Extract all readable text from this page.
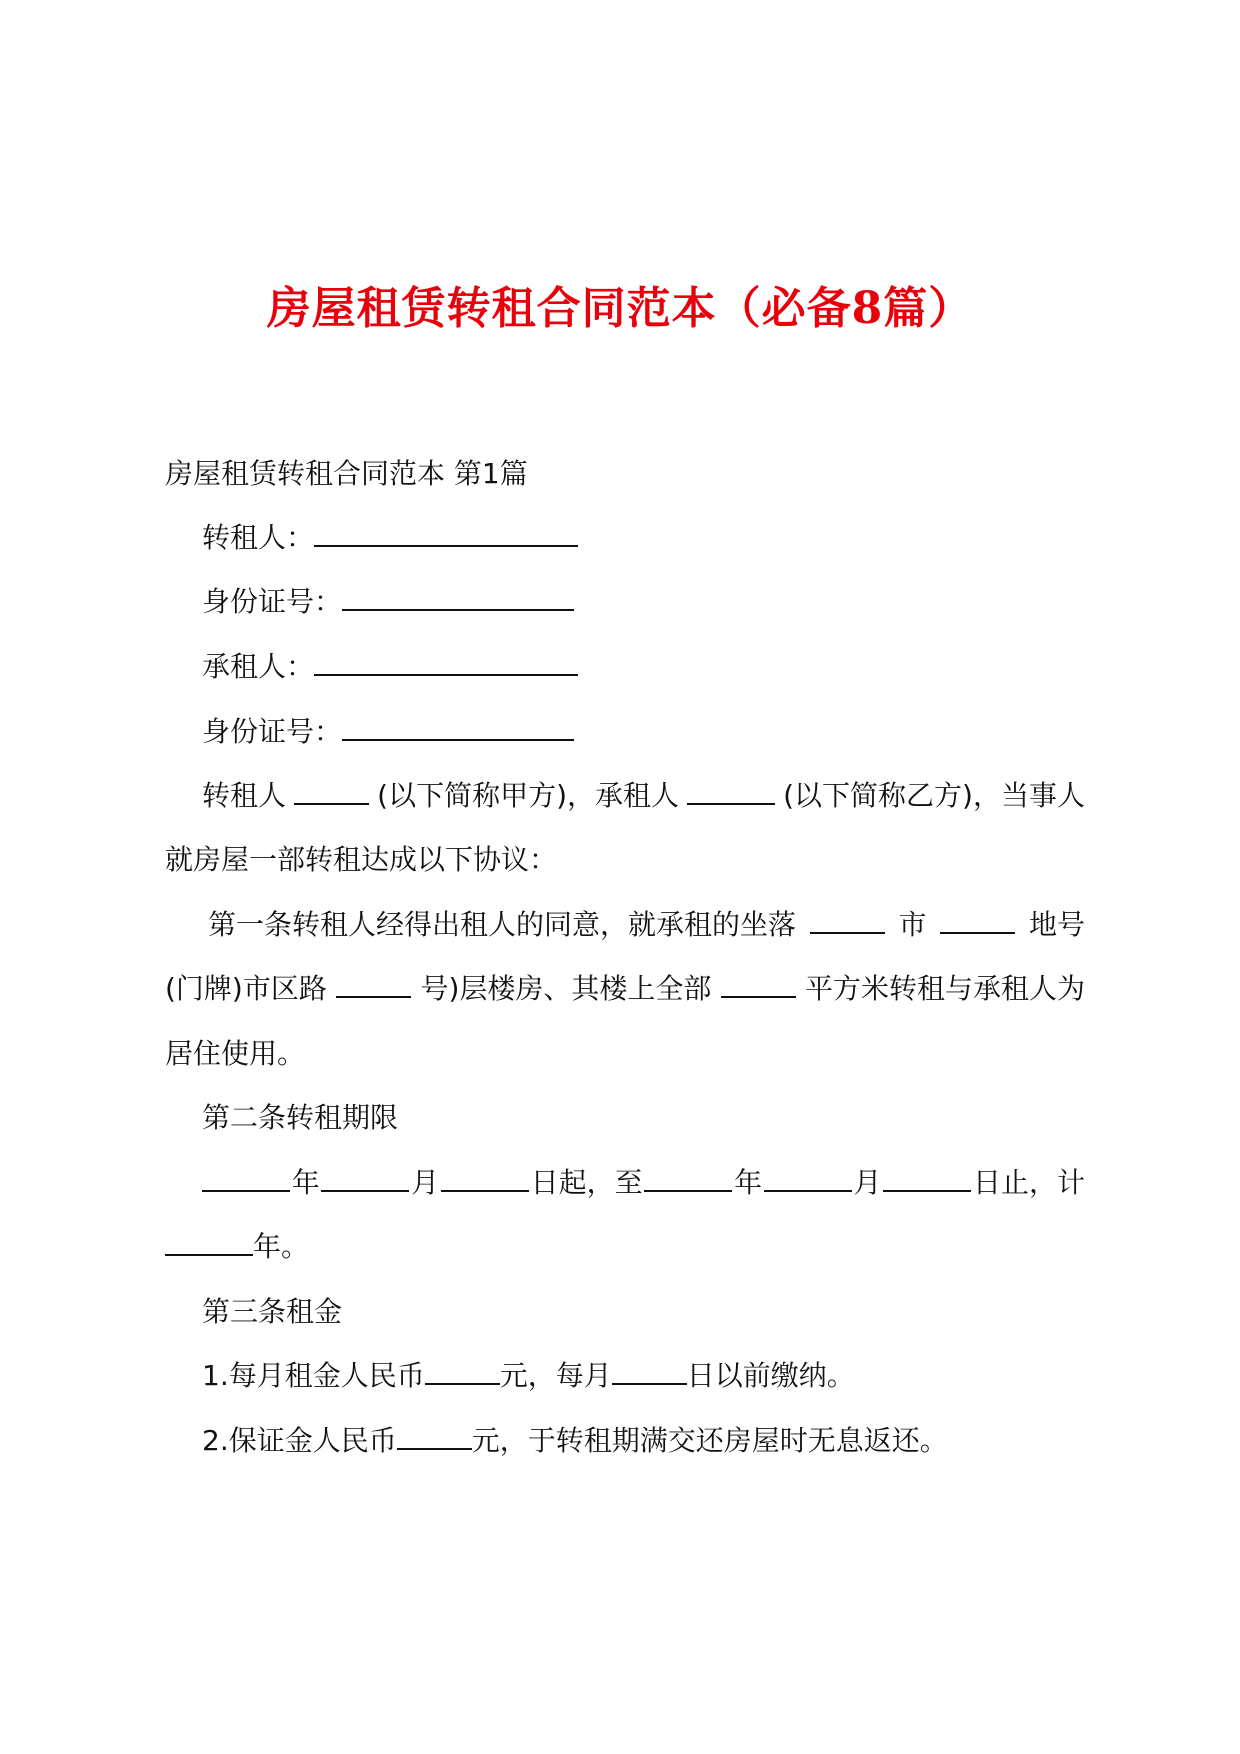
房屋租赁转租合同范本（必备8篇）
房屋租赁转租合同范本 第1篇
转租人：
身份证号：
承租人：
身份证号：
转租人	(以下简称甲方)，承租人	(以下简称乙方)，当事人
就房屋一部转租达成以下协议：
第一条转租人经得出租人的同意，就承租的坐落	市	地号
(门牌)市区路	号)层楼房、其楼上全部	平方米转租与承租人为
居住使用。
第二条转租期限
年	月	日起，至	年	月	日止，计
年。
第三条租金
1.每月租金人民币	元，每月	日以前缴纳。
2.保证金人民币	元，于转租期满交还房屋时无息返还。
